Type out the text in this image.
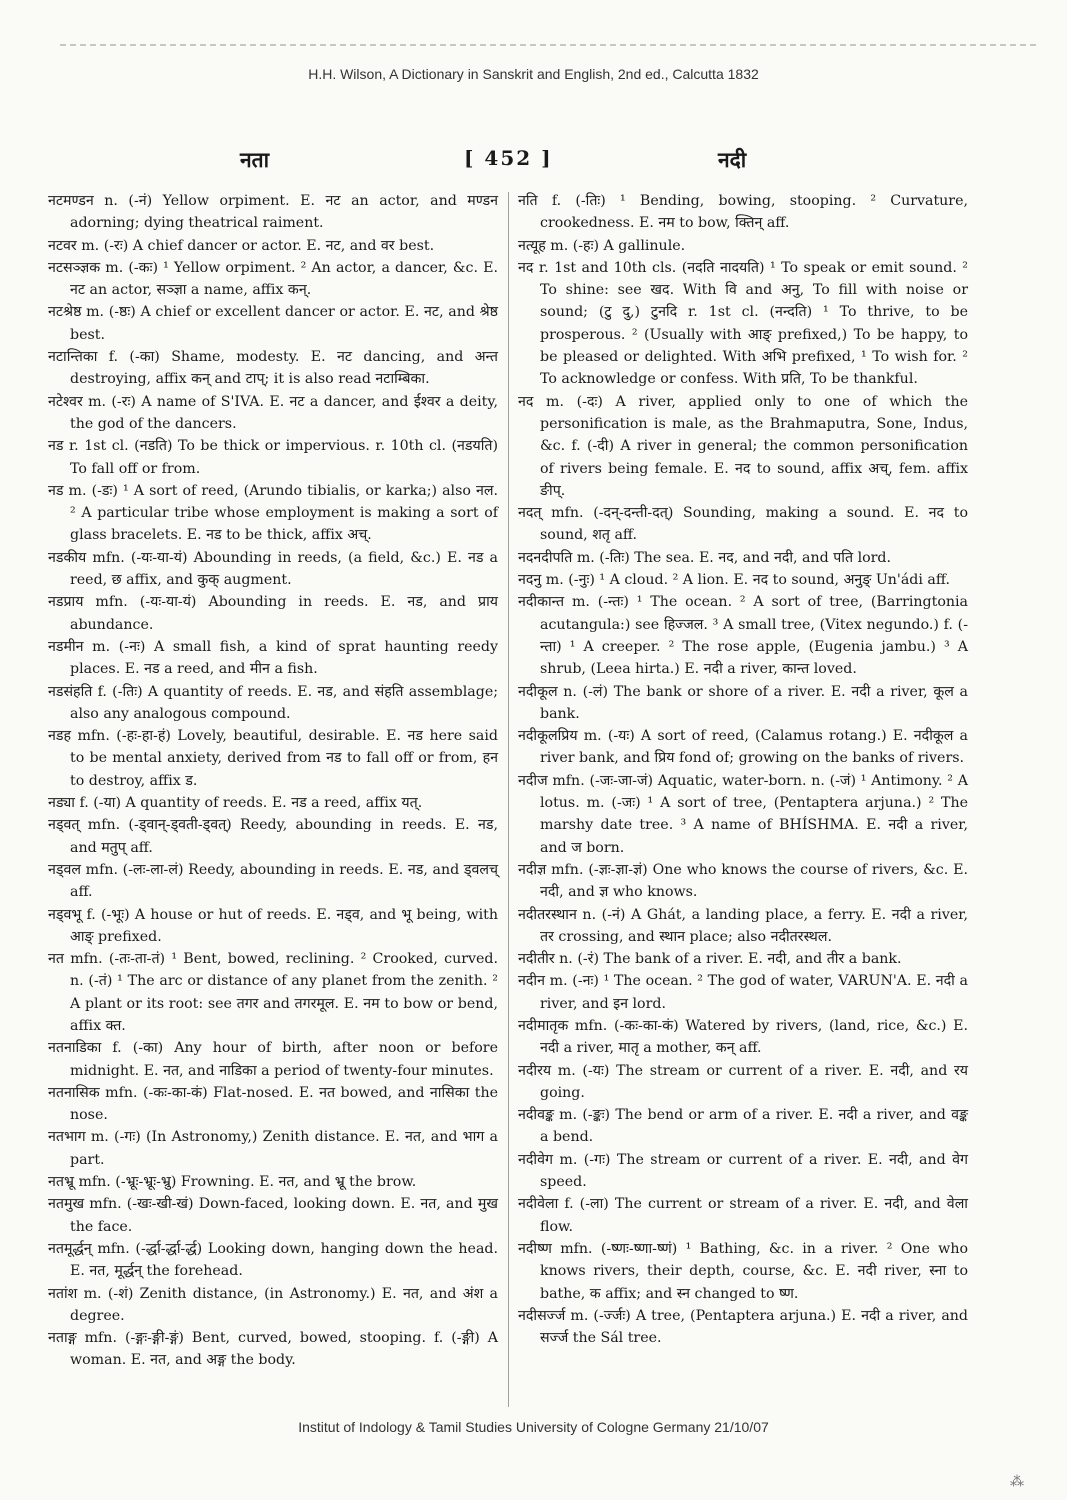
H.H. Wilson, A Dictionary in Sanskrit and English, 2nd ed., Calcutta 1832
नता	[ 452 ]	नदी

नटमण्डन n. (-नं) Yellow orpiment. E. नट an actor, and मण्डन adorning; dying theatrical raiment.

नटवर m. (-रः) A chief dancer or actor. E. नट, and वर best.

नटसञ्ज्ञक m. (-कः) ¹ Yellow orpiment. ² An actor, a dancer, &c. E. नट an actor, सञ्ज्ञा a name, affix कन्.

नटश्रेष्ठ m. (-ष्ठः) A chief or excellent dancer or actor. E. नट, and श्रेष्ठ best.

नटान्तिका f. (-का) Shame, modesty. E. नट dancing, and अन्त destroying, affix कन् and टाप्; it is also read नटाम्बिका.

नटेश्वर m. (-रः) A name of S'IVA. E. नट a dancer, and ईश्वर a deity, the god of the dancers.

नड r. 1st cl. (नडति) To be thick or impervious. r. 10th cl. (नडयति) To fall off or from.

नड m. (-डः) ¹ A sort of reed, (Arundo tibialis, or karka;) also नल. ² A particular tribe whose employment is making a sort of glass bracelets. E. नड to be thick, affix अच्.

नडकीय mfn. (-यः-या-यं) Abounding in reeds, (a field, &c.) E. नड a reed, छ affix, and कुक् augment.

नडप्राय mfn. (-यः-या-यं) Abounding in reeds. E. नड, and प्राय abundance.

नडमीन m. (-नः) A small fish, a kind of sprat haunting reedy places. E. नड a reed, and मीन a fish.

नडसंहति f. (-तिः) A quantity of reeds. E. नड, and संहति assemblage; also any analogous compound.

नडह mfn. (-हः-हा-हं) Lovely, beautiful, desirable. E. नड here said to be mental anxiety, derived from नड to fall off or from, हन to destroy, affix ड.

नड्या f. (-या) A quantity of reeds. E. नड a reed, affix यत्.

नड्वत् mfn. (-ड्वान्-ड्वती-ड्वत्) Reedy, abounding in reeds. E. नड, and मतुप् aff.

नड्वल mfn. (-लः-ला-लं) Reedy, abounding in reeds. E. नड, and ड्वलच् aff.

नड्वभू f. (-भूः) A house or hut of reeds. E. नड्व, and भू being, with आङ् prefixed.

नत mfn. (-तः-ता-तं) ¹ Bent, bowed, reclining. ² Crooked, curved. n. (-तं) ¹ The arc or distance of any planet from the zenith. ² A plant or its root: see तगर and तगरमूल. E. नम to bow or bend, affix क्त.

नतनाडिका f. (-का) Any hour of birth, after noon or before midnight. E. नत, and नाडिका a period of twenty-four minutes.

नतनासिक mfn. (-कः-का-कं) Flat-nosed. E. नत bowed, and नासिका the nose.

नतभाग m. (-गः) (In Astronomy,) Zenith distance. E. नत, and भाग a part.

नतभ्रू mfn. (-भ्रूः-भ्रूः-भ्रु) Frowning. E. नत, and भ्रू the brow.

नतमुख mfn. (-खः-खी-खं) Down-faced, looking down. E. नत, and मुख the face.

नतमूर्द्धन् mfn. (-र्द्धा-र्द्धा-र्द्ध) Looking down, hanging down the head. E. नत, मूर्द्धन् the forehead.

नतांश m. (-शं) Zenith distance, (in Astronomy.) E. नत, and अंश a degree.

नताङ्ग mfn. (-ङ्गः-ङ्गी-ङ्गं) Bent, curved, bowed, stooping. f. (-ङ्गी) A woman. E. नत, and अङ्ग the body.

नति f. (-तिः) ¹ Bending, bowing, stooping. ² Curvature, crookedness. E. नम to bow, क्तिन् aff.

नत्यूह m. (-हः) A gallinule.

नद r. 1st and 10th cls. (नदति नादयति) ¹ To speak or emit sound. ² To shine: see खद. With वि and अनु, To fill with noise or sound; (टु दु,) टुनदि r. 1st cl. (नन्दति) ¹ To thrive, to be prosperous. ² (Usually with आङ् prefixed,) To be happy, to be pleased or delighted. With अभि prefixed, ¹ To wish for. ² To acknowledge or confess. With प्रति, To be thankful.

नद m. (-दः) A river, applied only to one of which the personification is male, as the Brahmaputra, Sone, Indus, &c. f. (-दी) A river in general; the common personification of rivers being female. E. नद to sound, affix अच्, fem. affix ङीप्.

नदत् mfn. (-दन्-दन्ती-दत्) Sounding, making a sound. E. नद to sound, शतृ aff.

नदनदीपति m. (-तिः) The sea. E. नद, and नदी, and पति lord.

नदनु m. (-नुः) ¹ A cloud. ² A lion. E. नद to sound, अनुङ् Un'ádi aff.

नदीकान्त m. (-न्तः) ¹ The ocean. ² A sort of tree, (Barringtonia acutangula:) see हिज्जल. ³ A small tree, (Vitex negundo.) f. (-न्ता) ¹ A creeper. ² The rose apple, (Eugenia jambu.) ³ A shrub, (Leea hirta.) E. नदी a river, कान्त loved.

नदीकूल n. (-लं) The bank or shore of a river. E. नदी a river, कूल a bank.

नदीकूलप्रिय m. (-यः) A sort of reed, (Calamus rotang.) E. नदीकूल a river bank, and प्रिय fond of; growing on the banks of rivers.

नदीज mfn. (-जः-जा-जं) Aquatic, water-born. n. (-जं) ¹ Antimony. ² A lotus. m. (-जः) ¹ A sort of tree, (Pentaptera arjuna.) ² The marshy date tree. ³ A name of BHÍSHMA. E. नदी a river, and ज born.

नदीज्ञ mfn. (-ज्ञः-ज्ञा-ज्ञं) One who knows the course of rivers, &c. E. नदी, and ज्ञ who knows.

नदीतरस्थान n. (-नं) A Ghát, a landing place, a ferry. E. नदी a river, तर crossing, and स्थान place; also नदीतरस्थल.

नदीतीर n. (-रं) The bank of a river. E. नदी, and तीर a bank.

नदीन m. (-नः) ¹ The ocean. ² The god of water, VARUN'A. E. नदी a river, and इन lord.

नदीमातृक mfn. (-कः-का-कं) Watered by rivers, (land, rice, &c.) E. नदी a river, मातृ a mother, कन् aff.

नदीरय m. (-यः) The stream or current of a river. E. नदी, and रय going.

नदीवङ्क m. (-ङ्कः) The bend or arm of a river. E. नदी a river, and वङ्क a bend.

नदीवेग m. (-गः) The stream or current of a river. E. नदी, and वेग speed.

नदीवेला f. (-ला) The current or stream of a river. E. नदी, and वेला flow.

नदीष्ण mfn. (-ष्णः-ष्णा-ष्णं) ¹ Bathing, &c. in a river. ² One who knows rivers, their depth, course, &c. E. नदी river, स्ना to bathe, क affix; and स्न changed to ष्ण.

नदीसर्ज्ज m. (-र्ज्जः) A tree, (Pentaptera arjuna.) E. नदी a river, and सर्ज्ज the Sál tree.

Institut of Indology & Tamil Studies University of Cologne Germany 21/10/07
⁂
